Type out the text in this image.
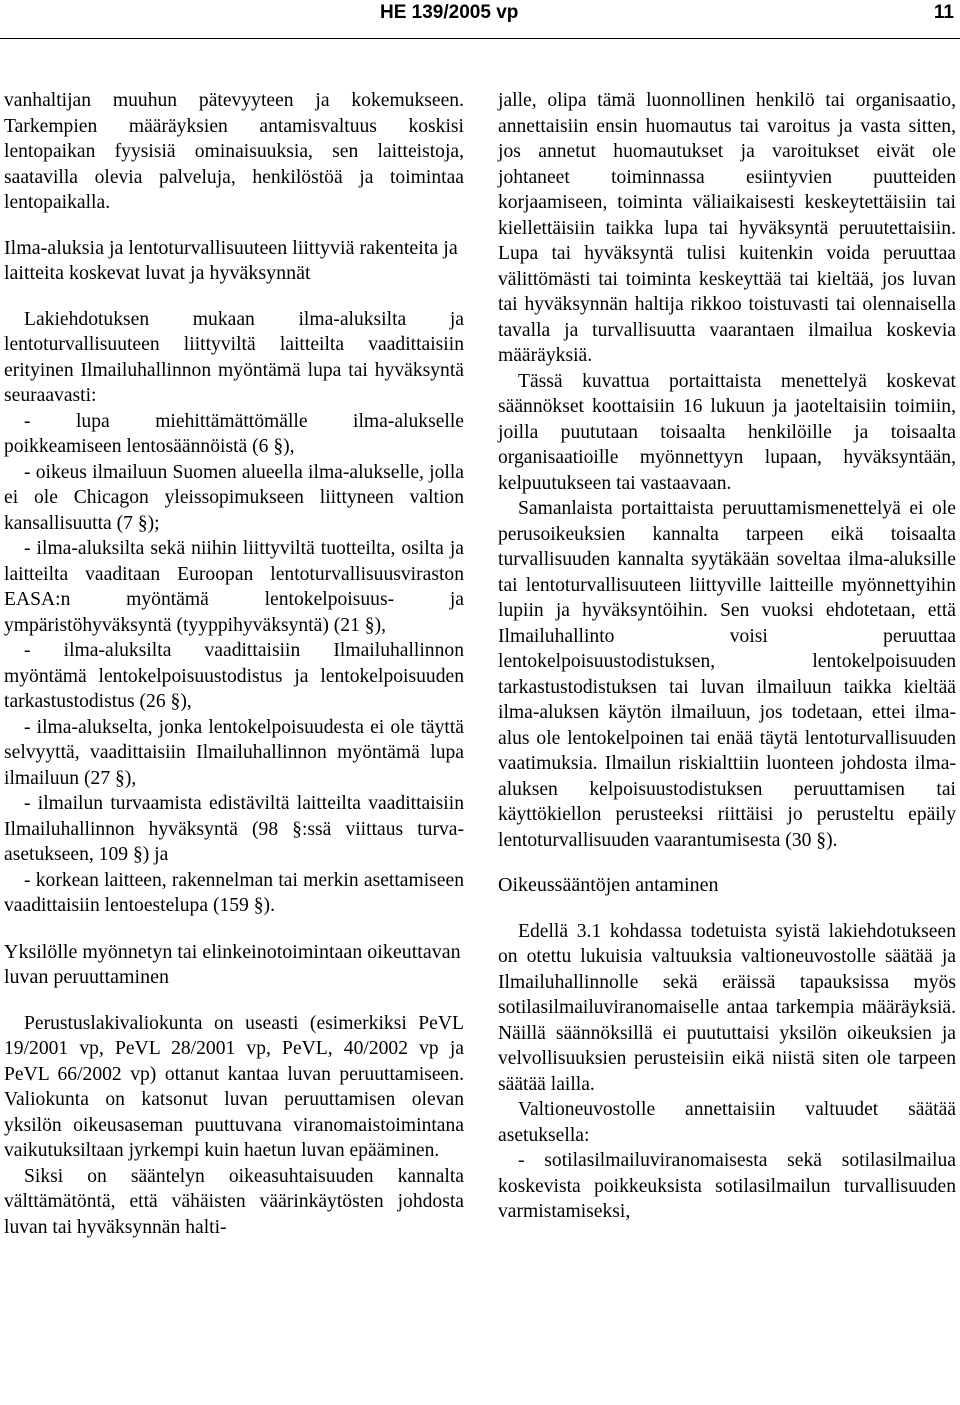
HE 139/2005 vp	11

vanhaltijan muuhun pätevyyteen ja kokemukseen. Tarkempien määräyksien antamisvaltuus koskisi lentopaikan fyysisiä ominaisuuksia, sen laitteistoja, saatavilla olevia palveluja, henkilöstöä ja toimintaa lentopaikalla.

Ilma-aluksia ja lentoturvallisuuteen liittyviä rakenteita ja laitteita koskevat luvat ja hyväksynnät

Lakiehdotuksen mukaan ilma-aluksilta ja lentoturvallisuuteen liittyviltä laitteilta vaadittaisiin erityinen Ilmailuhallinnon myöntämä lupa tai hyväksyntä seuraavasti:

- lupa miehittämättömälle ilma-alukselle poikkeamiseen lentosäännöistä (6 §),

- oikeus ilmailuun Suomen alueella ilma-alukselle, jolla ei ole Chicagon yleissopimukseen liittyneen valtion kansallisuutta (7 §);

- ilma-aluksilta sekä niihin liittyviltä tuotteilta, osilta ja laitteilta vaaditaan Euroopan lentoturvallisuusviraston EASA:n myöntämä lentokelpoisuus- ja ympäristöhyväksyntä (tyyppihyväksyntä) (21 §),

- ilma-aluksilta vaadittaisiin Ilmailuhallinnon myöntämä lentokelpoisuustodistus ja lentokelpoisuuden tarkastustodistus (26 §),

- ilma-alukselta, jonka lentokelpoisuudesta ei ole täyttä selvyyttä, vaadittaisiin Ilmailuhallinnon myöntämä lupa ilmailuun (27 §),

- ilmailun turvaamista edistäviltä laitteilta vaadittaisiin Ilmailuhallinnon hyväksyntä (98 §:ssä viittaus turva-asetukseen, 109 §) ja

- korkean laitteen, rakennelman tai merkin asettamiseen vaadittaisiin lentoestelupa (159 §).

Yksilölle myönnetyn tai elinkeinotoimintaan oikeuttavan luvan peruuttaminen

Perustuslakivaliokunta on useasti (esimerkiksi PeVL 19/2001 vp, PeVL 28/2001 vp, PeVL, 40/2002 vp ja PeVL 66/2002 vp) ottanut kantaa luvan peruuttamiseen. Valiokunta on katsonut luvan peruuttamisen olevan yksilön oikeusaseman puuttuvana viranomaistoimintana vaikutuksiltaan jyrkempi kuin haetun luvan epääminen.

Siksi on sääntelyn oikeasuhtaisuuden kannalta välttämätöntä, että vähäisten väärinkäytösten johdosta luvan tai hyväksynnän halti-

jalle, olipa tämä luonnollinen henkilö tai organisaatio, annettaisiin ensin huomautus tai varoitus ja vasta sitten, jos annetut huomautukset ja varoitukset eivät ole johtaneet toiminnassa esiintyvien puutteiden korjaamiseen, toiminta väliaikaisesti keskeytettäisiin tai kiellettäisiin taikka lupa tai hyväksyntä peruutettaisiin. Lupa tai hyväksyntä tulisi kuitenkin voida peruuttaa välittömästi tai toiminta keskeyttää tai kieltää, jos luvan tai hyväksynnän haltija rikkoo toistuvasti tai olennaisella tavalla ja turvallisuutta vaarantaen ilmailua koskevia määräyksiä.

Tässä kuvattua portaittaista menettelyä koskevat säännökset koottaisiin 16 lukuun ja jaoteltaisiin toimiin, joilla puututaan toisaalta henkilöille ja toisaalta organisaatioille myönnettyyn lupaan, hyväksyntään, kelpuutukseen tai vastaavaan.

Samanlaista portaittaista peruuttamismenettelyä ei ole perusoikeuksien kannalta tarpeen eikä toisaalta turvallisuuden kannalta syytäkään soveltaa ilma-aluksille tai lentoturvallisuuteen liittyville laitteille myönnettyihin lupiin ja hyväksyntöihin. Sen vuoksi ehdotetaan, että Ilmailuhallinto voisi peruuttaa lentokelpoisuustodistuksen, lentokelpoisuuden tarkastustodistuksen tai luvan ilmailuun taikka kieltää ilma-aluksen käytön ilmailuun, jos todetaan, ettei ilma-alus ole lentokelpoinen tai enää täytä lentoturvallisuuden vaatimuksia. Ilmailun riskialttiin luonteen johdosta ilma-aluksen kelpoisuustodistuksen peruuttamisen tai käyttökiellon perusteeksi riittäisi jo perusteltu epäily lentoturvallisuuden vaarantumisesta (30 §).

Oikeussääntöjen antaminen

Edellä 3.1 kohdassa todetuista syistä lakiehdotukseen on otettu lukuisia valtuuksia valtioneuvostolle säätää ja Ilmailuhallinnolle sekä eräissä tapauksissa myös sotilasilmailuviranomaiselle antaa tarkempia määräyksiä. Näillä säännöksillä ei puututtaisi yksilön oikeuksien ja velvollisuuksien perusteisiin eikä niistä siten ole tarpeen säätää lailla.

Valtioneuvostolle annettaisiin valtuudet säätää asetuksella:

- sotilasilmailuviranomaisesta sekä sotilasilmailua koskevista poikkeuksista sotilasilmailun turvallisuuden varmistamiseksi,
